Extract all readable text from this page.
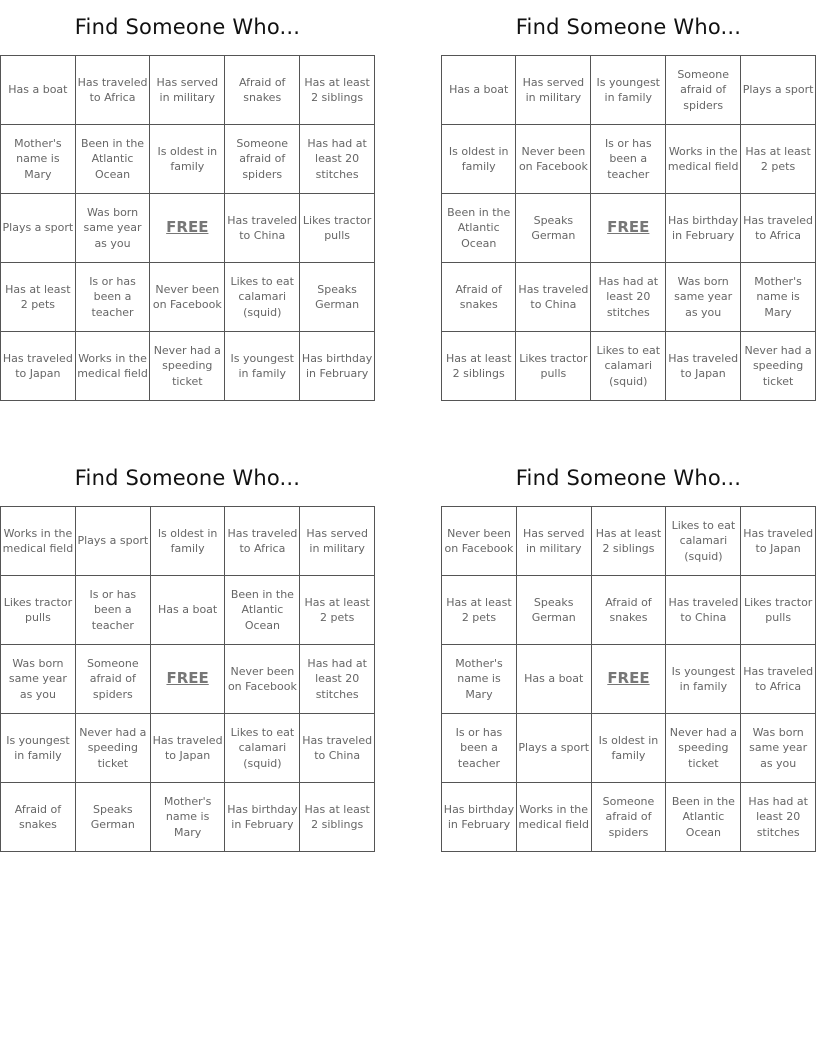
Find Someone Who...
Has a boat	Has traveled to Africa	Has served in military	Afraid of snakes	Has at least 2 siblings
Mother's name is Mary	Been in the Atlantic Ocean	Is oldest in family	Someone afraid of spiders	Has had at least 20 stitches
Plays a sport	Was born same year as you	FREE	Has traveled to China	Likes tractor pulls
Has at least 2 pets	Is or has been a teacher	Never been on Facebook	Likes to eat calamari (squid)	Speaks German
Has traveled to Japan	Works in the medical field	Never had a speeding ticket	Is youngest in family	Has birthday in February
Find Someone Who...
Has a boat	Has served in military	Is youngest in family	Someone afraid of spiders	Plays a sport
Is oldest in family	Never been on Facebook	Is or has been a teacher	Works in the medical field	Has at least 2 pets
Been in the Atlantic Ocean	Speaks German	FREE	Has birthday in February	Has traveled to Africa
Afraid of snakes	Has traveled to China	Has had at least 20 stitches	Was born same year as you	Mother's name is Mary
Has at least 2 siblings	Likes tractor pulls	Likes to eat calamari (squid)	Has traveled to Japan	Never had a speeding ticket
Find Someone Who...
Works in the medical field	Plays a sport	Is oldest in family	Has traveled to Africa	Has served in military
Likes tractor pulls	Is or has been a teacher	Has a boat	Been in the Atlantic Ocean	Has at least 2 pets
Was born same year as you	Someone afraid of spiders	FREE	Never been on Facebook	Has had at least 20 stitches
Is youngest in family	Never had a speeding ticket	Has traveled to Japan	Likes to eat calamari (squid)	Has traveled to China
Afraid of snakes	Speaks German	Mother's name is Mary	Has birthday in February	Has at least 2 siblings
Find Someone Who...
Never been on Facebook	Has served in military	Has at least 2 siblings	Likes to eat calamari (squid)	Has traveled to Japan
Has at least 2 pets	Speaks German	Afraid of snakes	Has traveled to China	Likes tractor pulls
Mother's name is Mary	Has a boat	FREE	Is youngest in family	Has traveled to Africa
Is or has been a teacher	Plays a sport	Is oldest in family	Never had a speeding ticket	Was born same year as you
Has birthday in February	Works in the medical field	Someone afraid of spiders	Been in the Atlantic Ocean	Has had at least 20 stitches
